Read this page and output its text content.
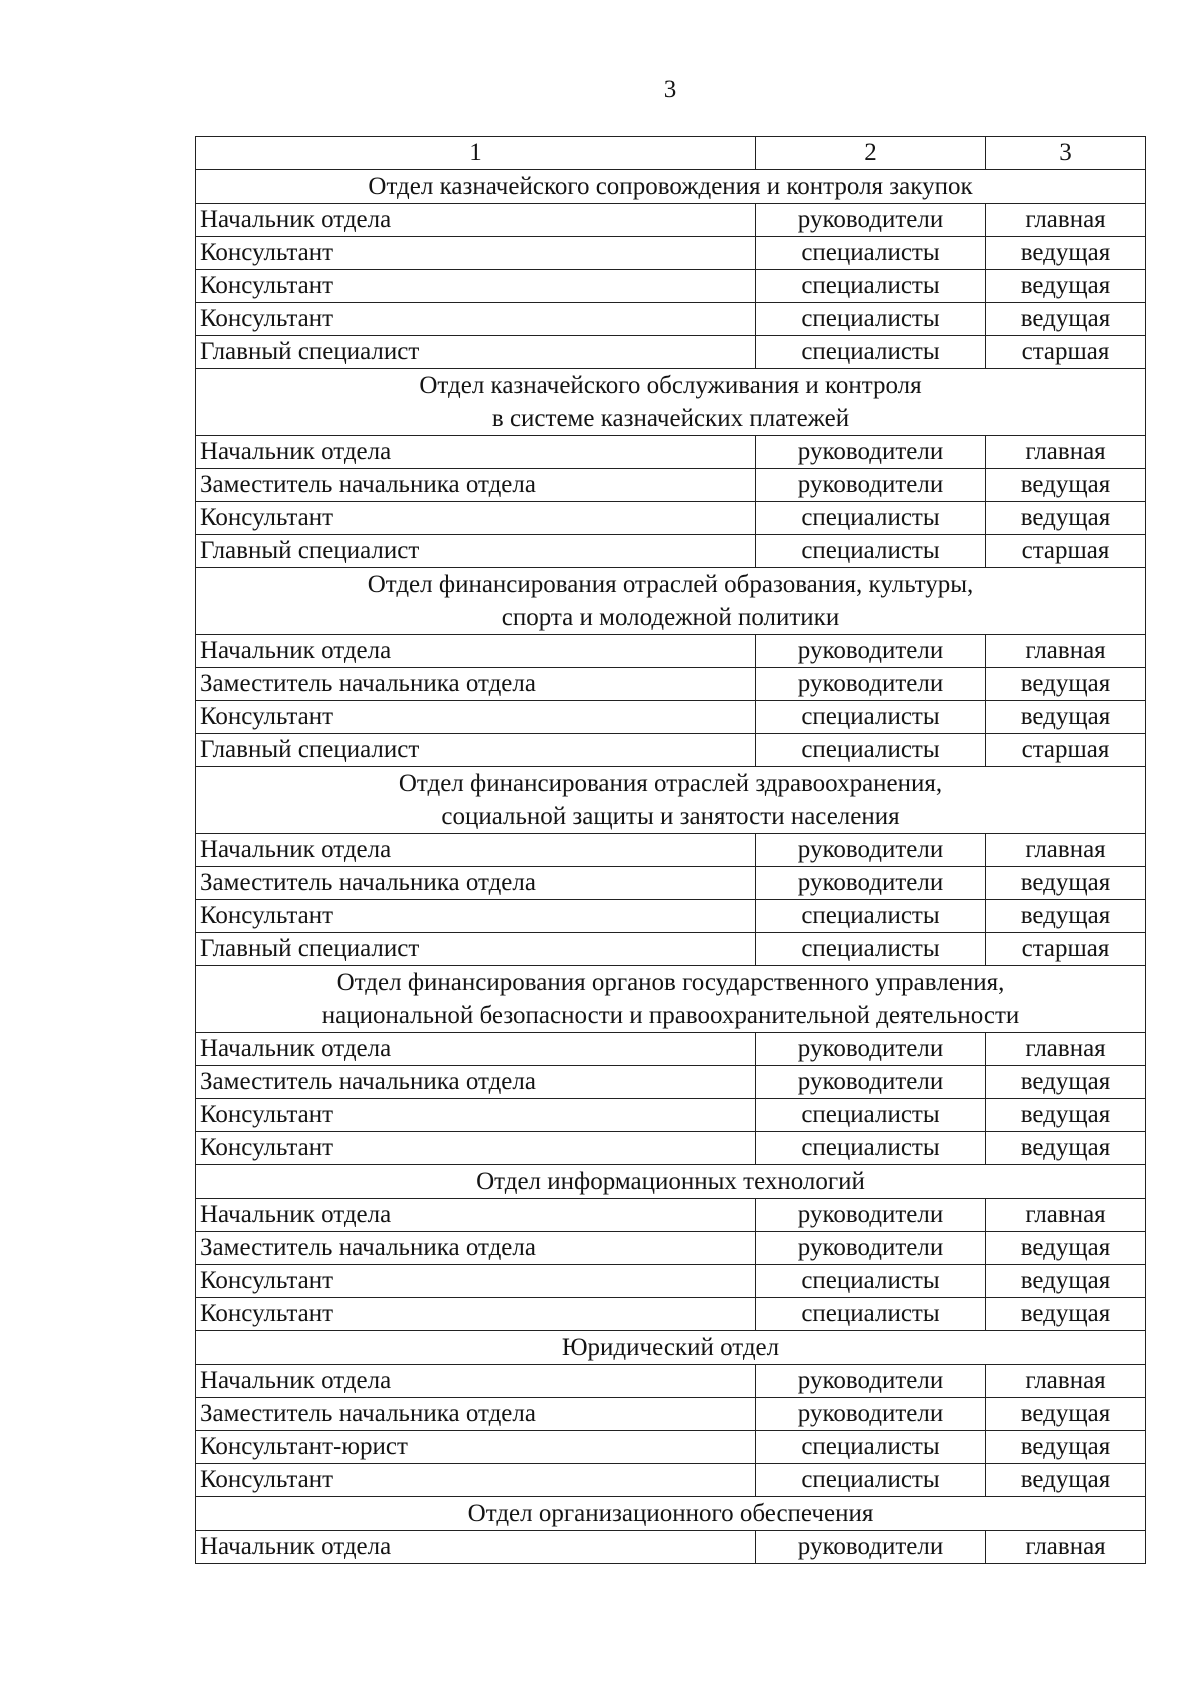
3
1	2	3

Отдел казначейского сопровождения и контроля закупок		

Начальник отдела	руководители	главная
Консультант	специалисты	ведущая
Консультант	специалисты	ведущая
Консультант	специалисты	ведущая
Главный специалист	специалисты	старшая

Отдел казначейского обслуживания и контроля
в системе казначейских платежей		

Начальник отдела	руководители	главная
Заместитель начальника отдела	руководители	ведущая
Консультант	специалисты	ведущая
Главный специалист	специалисты	старшая

Отдел финансирования отраслей образования, культуры,
спорта и молодежной политики		

Начальник отдела	руководители	главная
Заместитель начальника отдела	руководители	ведущая
Консультант	специалисты	ведущая
Главный специалист	специалисты	старшая

Отдел финансирования отраслей здравоохранения,
социальной защиты и занятости населения		

Начальник отдела	руководители	главная
Заместитель начальника отдела	руководители	ведущая
Консультант	специалисты	ведущая
Главный специалист	специалисты	старшая

Отдел финансирования органов государственного управления,
национальной безопасности и правоохранительной деятельности		

Начальник отдела	руководители	главная
Заместитель начальника отдела	руководители	ведущая
Консультант	специалисты	ведущая
Консультант	специалисты	ведущая

Отдел информационных технологий		

Начальник отдела	руководители	главная
Заместитель начальника отдела	руководители	ведущая
Консультант	специалисты	ведущая
Консультант	специалисты	ведущая

Юридический отдел		

Начальник отдела	руководители	главная
Заместитель начальника отдела	руководители	ведущая
Консультант-юрист	специалисты	ведущая
Консультант	специалисты	ведущая

Отдел организационного обеспечения		

Начальник отдела	руководители	главная
